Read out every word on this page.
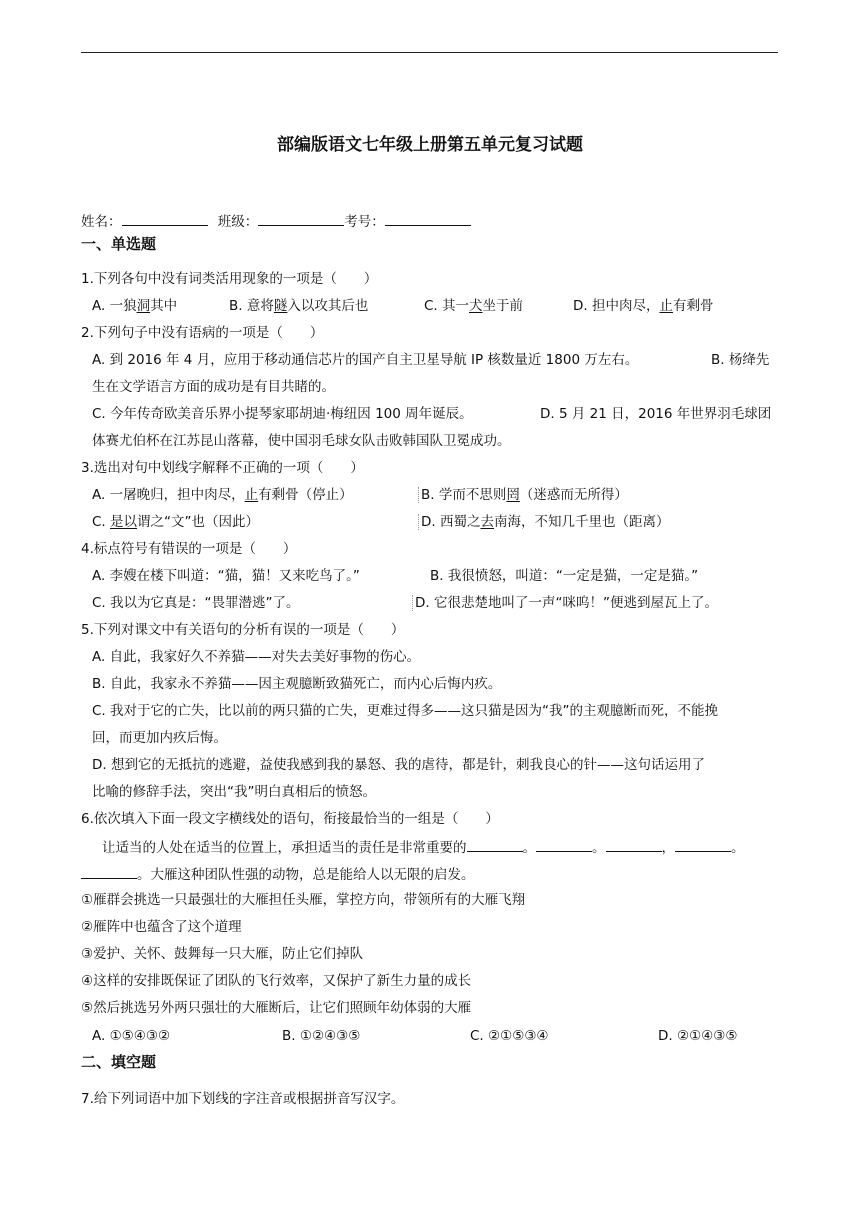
部编版语文七年级上册第五单元复习试题
姓名：	班级：	考号：
一、单选题
1.下列各句中没有词类活用现象的一项是（　　）
A. 一狼洞其中	B. 意将隧入以攻其后也	C. 其一犬坐于前	D. 担中肉尽，止有剩骨
2.下列句子中没有语病的一项是（　　）
A. 到 2016 年 4 月，应用于移动通信芯片的国产自主卫星导航 IP 核数量近 1800 万左右。	B. 杨绛先
生在文学语言方面的成功是有目共睹的。
C. 今年传奇欧美音乐界小提琴家耶胡迪·梅纽因 100 周年诞辰。	D. 5 月 21 日，2016 年世界羽毛球团
体赛尤伯杯在江苏昆山落幕，使中国羽毛球女队击败韩国队卫冕成功。
3.选出对句中划线字解释不正确的一项（　　）
A. 一屠晚归，担中肉尽，止有剩骨（停止）	B. 学而不思则罔（迷惑而无所得）
C. 是以谓之“文”也（因此）	D. 西蜀之去南海，不知几千里也（距离）
4.标点符号有错误的一项是（　　）
A. 李嫂在楼下叫道：“猫，猫！又来吃鸟了。”	B. 我很愤怒，叫道：“一定是猫，一定是猫。”
C. 我以为它真是：“畏罪潜逃”了。	D. 它很悲楚地叫了一声“咪呜！”便逃到屋瓦上了。
5.下列对课文中有关语句的分析有误的一项是（　　）
A. 自此，我家好久不养猫——对失去美好事物的伤心。
B. 自此，我家永不养猫——因主观臆断致猫死亡，而内心后悔内疚。
C. 我对于它的亡失，比以前的两只猫的亡失，更难过得多——这只猫是因为“我”的主观臆断而死，不能挽
回，而更加内疚后悔。
D. 想到它的无抵抗的逃避，益使我感到我的暴怒、我的虐待，都是针，刺我良心的针——这句话运用了
比喻的修辞手法，突出“我”明白真相后的愤怒。
6.依次填入下面一段文字横线处的语句，衔接最恰当的一组是（　　）
让适当的人处在适当的位置上，承担适当的责任是非常重要的	。	。	，	。
。大雁这种团队性强的动物，总是能给人以无限的启发。
①雁群会挑选一只最强壮的大雁担任头雁，掌控方向，带领所有的大雁飞翔
②雁阵中也蕴含了这个道理
③爱护、关怀、鼓舞每一只大雁，防止它们掉队
④这样的安排既保证了团队的飞行效率，又保护了新生力量的成长
⑤然后挑选另外两只强壮的大雁断后，让它们照顾年幼体弱的大雁
A. ①⑤④③②	B. ①②④③⑤	C. ②①⑤③④	D. ②①④③⑤
二、填空题
7.给下列词语中加下划线的字注音或根据拼音写汉字。
